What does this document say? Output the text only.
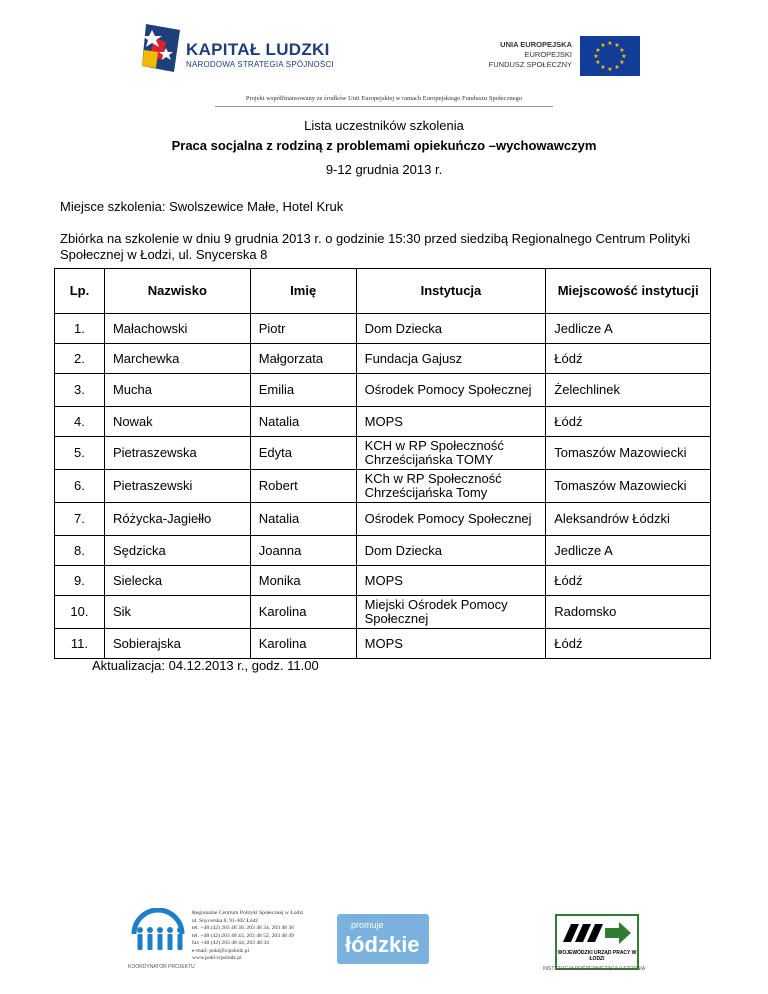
KAPITAŁ LUDZKI
NARODOWA STRATEGIA SPÓJNOŚCI
UNIA EUROPEJSKA
EUROPEJSKI
FUNDUSZ SPOŁECZNY
★ ★
★
★
★
★
★
★
★
★
★
★
Projekt współfinansowany ze środków Unii Europejskiej w ramach Europejskiego Funduszu Społecznego
Lista uczestników szkolenia
Praca socjalna z rodziną z problemami opiekuńczo –wychowawczym
9-12 grudnia 2013 r.
Miejsce szkolenia: Swolszewice Małe, Hotel Kruk
Zbiórka na szkolenie w dniu 9 grudnia 2013 r. o godzinie 15:30 przed siedzibą Regionalnego Centrum Polityki Społecznej w Łodzi, ul. Snycerska 8
Lp.	Nazwisko	Imię	Instytucja	Miejscowość instytucji
1.	Małachowski	Piotr	Dom Dziecka	Jedlicze A
2.	Marchewka	Małgorzata	Fundacja Gajusz	Łódź
3.	Mucha	Emilia	Ośrodek Pomocy Społecznej	Żelechlinek
4.	Nowak	Natalia	MOPS	Łódź
5.	Pietraszewska	Edyta	KCH w RP Społeczność Chrześcijańska TOMY	Tomaszów Mazowiecki
6.	Pietraszewski	Robert	KCh w RP Społeczność Chrześcijańska Tomy	Tomaszów Mazowiecki
7.	Różycka-Jagiełło	Natalia	Ośrodek Pomocy Społecznej	Aleksandrów Łódzki
8.	Sędzicka	Joanna	Dom Dziecka	Jedlicze A
9.	Sielecka	Monika	MOPS	Łódź
10.	Sik	Karolina	Miejski Ośrodek Pomocy Społecznej	Radomsko
11.	Sobierajska	Karolina	MOPS	Łódź
Aktualizacja: 04.12.2013 r., godz. 11.00
KOORDYNATOR PROJEKTU
Regionalne Centrum Polityki Społecznej w Łodzi
ul. Snycerska 8, 91-302 Łódź
tel. +48 (42) 203 48 30, 203 48 34, 203 48 36
tel. +48 (42) 203 48 43, 203 48 52, 203 48 49
fax +48 (42) 203 48 44, 203 48 34
e-mail: pokl@rcpslodz.pl
www.pokl-rcpslodz.pl
promuje
łódzkie	WOJEWÓDZKI URZĄD PRACY W ŁODZI
INSTYTUCJA POŚREDNICZĄCA II STOPNIA
